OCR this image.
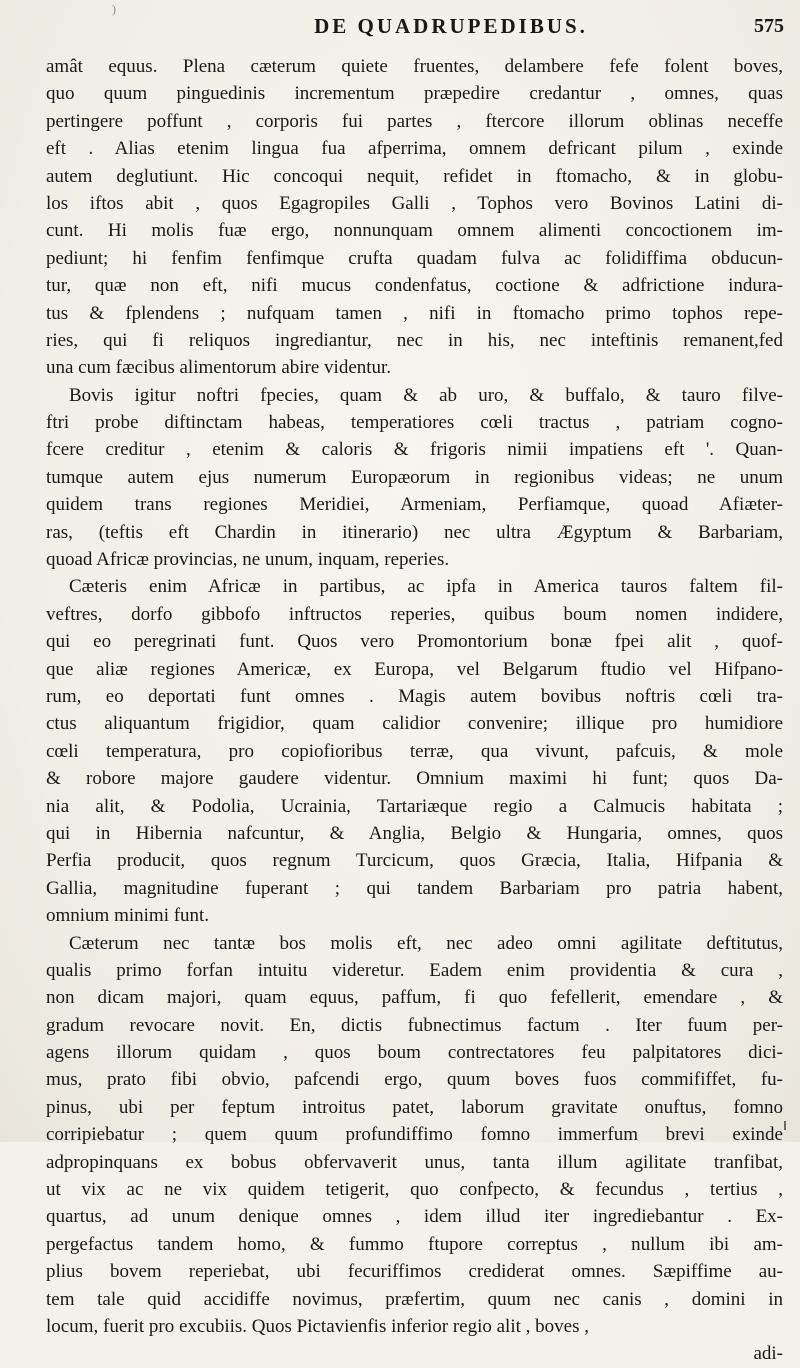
)
DE QUADRUPEDIBUS.	575
amât equus. Plena cæterum quiete fruentes, delambere fefe folent boves,
quo quum pinguedinis incrementum præpedire credantur , omnes, quas
pertingere poffunt , corporis fui partes , ftercore illorum oblinas neceffe
eft . Alias etenim lingua fua afperrima, omnem defricant pilum , exinde
autem deglutiunt. Hic concoqui nequit, refidet in ftomacho, & in globu-
los iftos abit , quos Egagropiles Galli , Tophos vero Bovinos Latini di-
cunt. Hi molis fuæ ergo, nonnunquam omnem alimenti concoctionem im-
pediunt; hi fenfim fenfimque crufta quadam fulva ac folidiffima obducun-
tur, quæ non eft, nifi mucus condenfatus, coctione & adfrictione indura-
tus & fplendens ; nufquam tamen , nifi in ftomacho primo tophos repe-
ries, qui fi reliquos ingrediantur, nec in his, nec inteftinis remanent,fed
una cum fæcibus alimentorum abire videntur.
Bovis igitur noftri fpecies, quam & ab uro, & buffalo, & tauro filve-
ftri probe diftinctam habeas, temperatiores cœli tractus , patriam cogno-
fcere creditur , etenim & caloris & frigoris nimii impatiens eft '. Quan-
tumque autem ejus numerum Europæorum in regionibus videas; ne unum
quidem trans regiones Meridiei, Armeniam, Perfiamque, quoad Afiæter-
ras, (teftis eft Chardin in itinerario) nec ultra Ægyptum & Barbariam,
quoad Africæ provincias, ne unum, inquam, reperies.
Cæteris enim Africæ in partibus, ac ipfa in America tauros faltem fil-
veftres, dorfo gibbofo inftructos reperies, quibus boum nomen indidere,
qui eo peregrinati funt. Quos vero Promontorium bonæ fpei alit , quof-
que aliæ regiones Americæ, ex Europa, vel Belgarum ftudio vel Hifpano-
rum, eo deportati funt omnes . Magis autem bovibus noftris cœli tra-
ctus aliquantum frigidior, quam calidior convenire; illique pro humidiore
cœli temperatura, pro copiofioribus terræ, qua vivunt, pafcuis, & mole
& robore majore gaudere videntur. Omnium maximi hi funt; quos Da-
nia alit, & Podolia, Ucrainia, Tartariæque regio a Calmucis habitata ;
qui in Hibernia nafcuntur, & Anglia, Belgio & Hungaria, omnes, quos
Perfia producit, quos regnum Turcicum, quos Græcia, Italia, Hifpania &
Gallia, magnitudine fuperant ; qui tandem Barbariam pro patria habent,
omnium minimi funt.
Cæterum nec tantæ bos molis eft, nec adeo omni agilitate deftitutus,
qualis primo forfan intuitu videretur. Eadem enim providentia & cura ,
non dicam majori, quam equus, paffum, fi quo fefellerit, emendare , &
gradum revocare novit. En, dictis fubnectimus factum . Iter fuum per-
agens illorum quidam , quos boum contrectatores feu palpitatores dici-
mus, prato fibi obvio, pafcendi ergo, quum boves fuos commififfet, fu-
pinus, ubi per feptum introitus patet, laborum gravitate onuftus, fomno
corripiebatur ; quem quum profundiffimo fomno immerfum brevi exinde
adpropinquans ex bobus obfervaverit unus, tanta illum agilitate tranfibat,
ut vix ac ne vix quidem tetigerit, quo confpecto, & fecundus , tertius ,
quartus, ad unum denique omnes , idem illud iter ingrediebantur . Ex-
pergefactus tandem homo, & fummo ftupore correptus , nullum ibi am-
plius bovem reperiebat, ubi fecuriffimos crediderat omnes. Sæpiffime au-
tem tale quid accidiffe novimus, præfertim, quum nec canis , domini in
locum, fuerit pro excubiis. Quos Pictavienfis inferior regio alit , boves ,
adi-
